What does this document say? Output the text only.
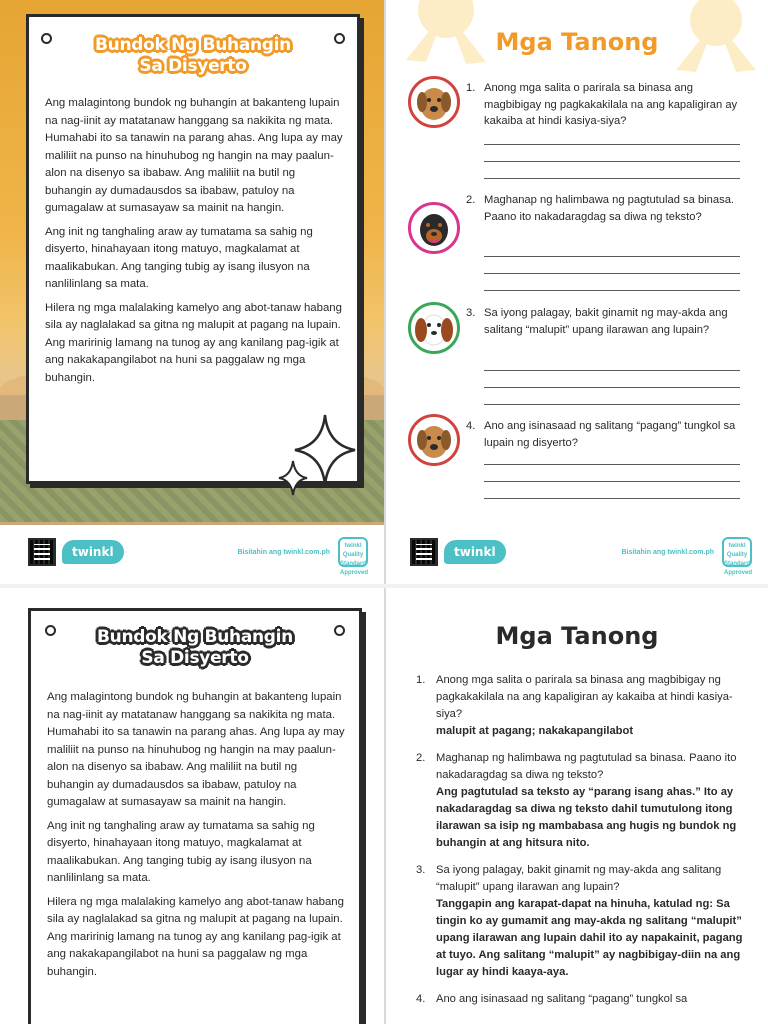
Bundok Ng Buhangin
Sa Disyerto

Ang malagintong bundok ng buhangin at bakanteng lupain na nag-iinit ay matatanaw hanggang sa nakikita ng mata. Humahabi ito sa tanawin na parang ahas. Ang lupa ay may maliliit na punso na hinuhubog ng hangin na may paalun-alon na disenyo sa ibabaw. Ang maliliit na butil ng buhangin ay dumadausdos sa ibabaw, patuloy na gumagalaw at sumasayaw sa mainit na hangin.

Ang init ng tanghaling araw ay tumatama sa sahig ng disyerto, hinahayaan itong matuyo, magkalamat at maalikabukan. Ang tanging tubig ay isang ilusyon na nanlilinlang sa mata.

Hilera ng mga malalaking kamelyo ang abot-tanaw habang sila ay naglalakad sa gitna ng malupit at pagang na lupain. Ang maririnig lamang na tunog ay ang kanilang pag-igik at ang nakakapangilabot na huni sa paggalaw ng mga buhangin.

twinkl	Bisitahin ang twinkl.com.ph
twinkl Quality Standard Approved
Mga Tanong
1. Anong mga salita o parirala sa binasa ang magbibigay ng pagkakakilala na ang kapaligiran ay kakaiba at hindi kasiya-siya?
2. Maghanap ng halimbawa ng pagtutulad sa binasa. Paano ito nakadaragdag sa diwa ng teksto?
3. Sa iyong palagay, bakit ginamit ng may-akda ang salitang “malupit” upang ilarawan ang lupain?
4. Ano ang isinasaad ng salitang “pagang” tungkol sa lupain ng disyerto?
twinkl	Bisitahin ang twinkl.com.ph
twinkl Quality Standard Approved
Bundok Ng Buhangin
Sa Disyerto

Ang malagintong bundok ng buhangin at bakanteng lupain na nag-iinit ay matatanaw hanggang sa nakikita ng mata. Humahabi ito sa tanawin na parang ahas. Ang lupa ay may maliliit na punso na hinuhubog ng hangin na may paalun-alon na disenyo sa ibabaw. Ang maliliit na butil ng buhangin ay dumadausdos sa ibabaw, patuloy na gumagalaw at sumasayaw sa mainit na hangin.

Ang init ng tanghaling araw ay tumatama sa sahig ng disyerto, hinahayaan itong matuyo, magkalamat at maalikabukan. Ang tanging tubig ay isang ilusyon na nanlilinlang sa mata.

Hilera ng mga malalaking kamelyo ang abot-tanaw habang sila ay naglalakad sa gitna ng malupit at pagang na lupain. Ang maririnig lamang na tunog ay ang kanilang pag-igik at ang nakakapangilabot na huni sa paggalaw ng mga buhangin.

Mga Tanong
1. Anong mga salita o parirala sa binasa ang magbibigay ng pagkakakilala na ang kapaligiran ay kakaiba at hindi kasiya-siya?
malupit at pagang; nakakapangilabot
2. Maghanap ng halimbawa ng pagtutulad sa binasa. Paano ito nakadaragdag sa diwa ng teksto?
Ang pagtutulad sa teksto ay “parang isang ahas.” Ito ay nakadaragdag sa diwa ng teksto dahil tumutulong itong ilarawan sa isip ng mambabasa ang hugis ng bundok ng buhangin at ang hitsura nito.
3. Sa iyong palagay, bakit ginamit ng may-akda ang salitang “malupit” upang ilarawan ang lupain?
Tanggapin ang karapat-dapat na hinuha, katulad ng: Sa tingin ko ay gumamit ang may-akda ng salitang “malupit” upang ilarawan ang lupain dahil ito ay napakainit, pagang at tuyo. Ang salitang “malupit” ay nagbibigay-diin na ang lugar ay hindi kaaya-aya.
4. Ano ang isinasaad ng salitang “pagang” tungkol sa
